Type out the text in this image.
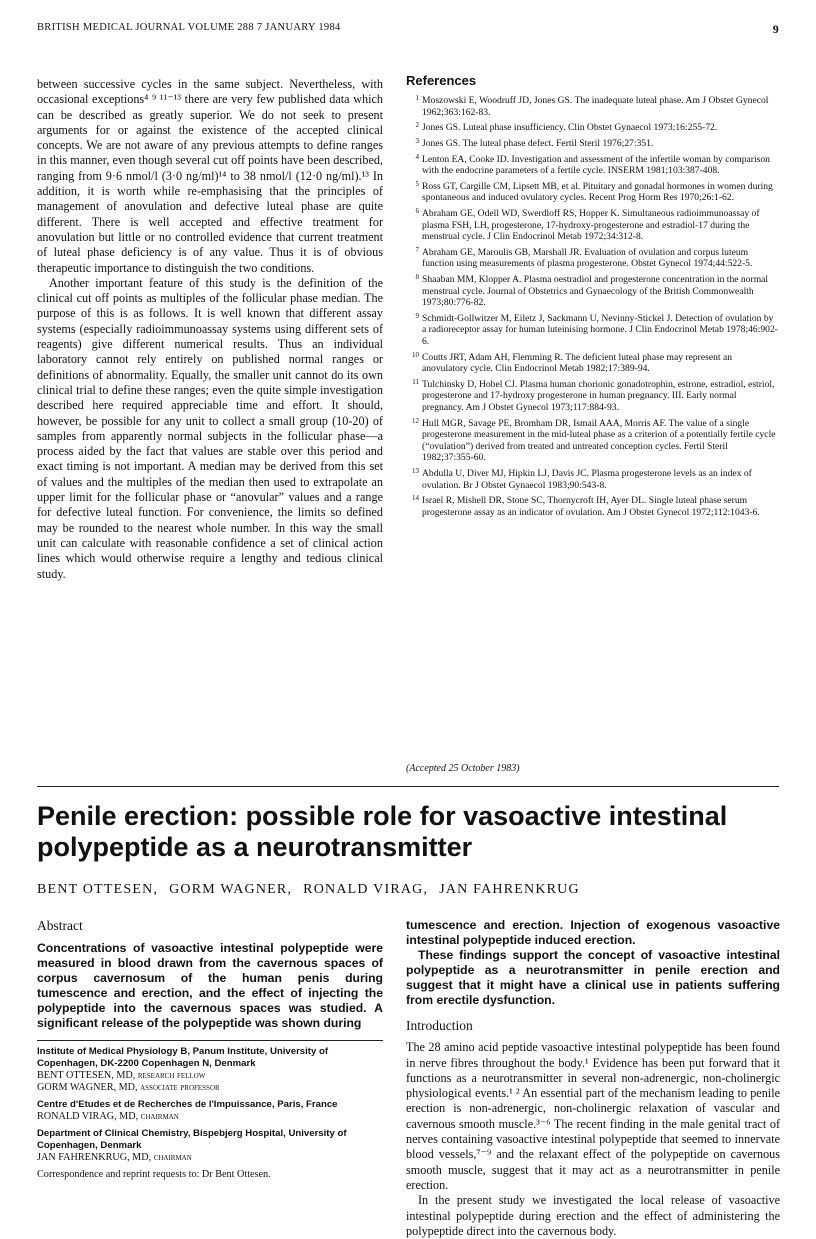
BRITISH MEDICAL JOURNAL VOLUME 288 7 JANUARY 1984	9

between successive cycles in the same subject. Nevertheless, with occasional exceptions⁴ ⁹ ¹¹⁻¹³ there are very few published data which can be described as greatly superior. We do not seek to present arguments for or against the existence of the accepted clinical concepts. We are not aware of any previous attempts to define ranges in this manner, even though several cut off points have been described, ranging from 9·6 nmol/l (3·0 ng/ml)¹⁴ to 38 nmol/l (12·0 ng/ml).¹³ In addition, it is worth while re-emphasising that the principles of management of anovulation and defective luteal phase are quite different. There is well accepted and effective treatment for anovulation but little or no controlled evidence that current treatment of luteal phase deficiency is of any value. Thus it is of obvious therapeutic importance to distinguish the two conditions.

Another important feature of this study is the definition of the clinical cut off points as multiples of the follicular phase median. The purpose of this is as follows. It is well known that different assay systems (especially radioimmunoassay systems using different sets of reagents) give different numerical results. Thus an individual laboratory cannot rely entirely on published normal ranges or definitions of abnormality. Equally, the smaller unit cannot do its own clinical trial to define these ranges; even the quite simple investigation described here required appreciable time and effort. It should, however, be possible for any unit to collect a small group (10-20) of samples from apparently normal subjects in the follicular phase—a process aided by the fact that values are stable over this period and exact timing is not important. A median may be derived from this set of values and the multiples of the median then used to extrapolate an upper limit for the follicular phase or “anovular” values and a range for defective luteal function. For convenience, the limits so defined may be rounded to the nearest whole number. In this way the small unit can calculate with reasonable confidence a set of clinical action lines which would otherwise require a lengthy and tedious clinical study.

References
1 Moszowski E, Woodruff JD, Jones GS. The inadequate luteal phase. Am J Obstet Gynecol 1962;363:162-83.
2 Jones GS. Luteal phase insufficiency. Clin Obstet Gynaecol 1973;16:255-72.
3 Jones GS. The luteal phase defect. Fertil Steril 1976;27:351.
4 Lenton EA, Cooke ID. Investigation and assessment of the infertile woman by comparison with the endocrine parameters of a fertile cycle. INSERM 1981;103:387-408.
5 Ross GT, Cargille CM, Lipsett MB, et al. Pituitary and gonadal hormones in women during spontaneous and induced ovulatory cycles. Recent Prog Horm Res 1970;26:1-62.
6 Abraham GE, Odell WD, Swerdloff RS, Hopper K. Simultaneous radioimmunoassay of plasma FSH, LH, progesterone, 17-hydroxy-progesterone and estradiol-17 during the menstrual cycle. J Clin Endocrinol Metab 1972;34:312-8.
7 Abraham GE, Maroulis GB, Marshall JR. Evaluation of ovulation and corpus luteum function using measurements of plasma progesterone. Obstet Gynecol 1974;44:522-5.
8 Shaaban MM, Klopper A. Plasma oestradiol and progesterone concentration in the normal menstrual cycle. Journal of Obstetrics and Gynaecology of the British Commonwealth 1973;80:776-82.
9 Schmidt-Gollwitzer M, Eiletz J, Sackmann U, Nevinny-Stickel J. Detection of ovulation by a radioreceptor assay for human luteinising hormone. J Clin Endocrinol Metab 1978;46:902-6.
10 Coutts JRT, Adam AH, Flemming R. The deficient luteal phase may represent an anovulatory cycle. Clin Endocrinol Metab 1982;17:389-94.
11 Tulchinsky D, Hobel CJ. Plasma human chorionic gonadotrophin, estrone, estradiol, estriol, progesterone and 17-hydroxy progesterone in human pregnancy. III. Early normal pregnancy. Am J Obstet Gynecol 1973;117:884-93.
12 Hull MGR, Savage PE, Bromham DR, Ismail AAA, Morris AF. The value of a single progesterone measurement in the mid-luteal phase as a criterion of a potentially fertile cycle (“ovulation”) derived from treated and untreated conception cycles. Fertil Steril 1982;37:355-60.
13 Abdulla U, Diver MJ, Hipkin LJ, Davis JC. Plasma progesterone levels as an index of ovulation. Br J Obstet Gynaecol 1983;90:543-8.
14 Israel R, Mishell DR, Stone SC, Thornycroft IH, Ayer DL. Single luteal phase serum progesterone assay as an indicator of ovulation. Am J Obstet Gynecol 1972;112:1043-6.
(Accepted 25 October 1983)
Penile erection: possible role for vasoactive intestinal polypeptide as a neurotransmitter
BENT OTTESEN, GORM WAGNER, RONALD VIRAG, JAN FAHRENKRUG
Abstract

Concentrations of vasoactive intestinal polypeptide were measured in blood drawn from the cavernous spaces of corpus cavernosum of the human penis during tumescence and erection, and the effect of injecting the polypeptide into the cavernous spaces was studied. A significant release of the polypeptide was shown during

tumescence and erection. Injection of exogenous vasoactive intestinal polypeptide induced erection.

These findings support the concept of vasoactive intestinal polypeptide as a neurotransmitter in penile erection and suggest that it might have a clinical use in patients suffering from erectile dysfunction.

Institute of Medical Physiology B, Panum Institute, University of Copenhagen, DK-2200 Copenhagen N, Denmark
BENT OTTESEN, MD, research fellow
GORM WAGNER, MD, associate professor
Centre d'Etudes et de Recherches de l'Impuissance, Paris, France
RONALD VIRAG, MD, chairman
Department of Clinical Chemistry, Bispebjerg Hospital, University of Copenhagen, Denmark
JAN FAHRENKRUG, MD, chairman
Correspondence and reprint requests to: Dr Bent Ottesen.
Introduction

The 28 amino acid peptide vasoactive intestinal polypeptide has been found in nerve fibres throughout the body.¹ Evidence has been put forward that it functions as a neurotransmitter in several non-adrenergic, non-cholinergic physiological events.¹ ² An essential part of the mechanism leading to penile erection is non-adrenergic, non-cholinergic relaxation of vascular and cavernous smooth muscle.³⁻⁶ The recent finding in the male genital tract of nerves containing vasoactive intestinal polypeptide that seemed to innervate blood vessels,⁷⁻⁹ and the relaxant effect of the polypeptide on cavernous smooth muscle, suggest that it may act as a neurotransmitter in penile erection.

In the present study we investigated the local release of vasoactive intestinal polypeptide during erection and the effect of administering the polypeptide direct into the cavernous body.
